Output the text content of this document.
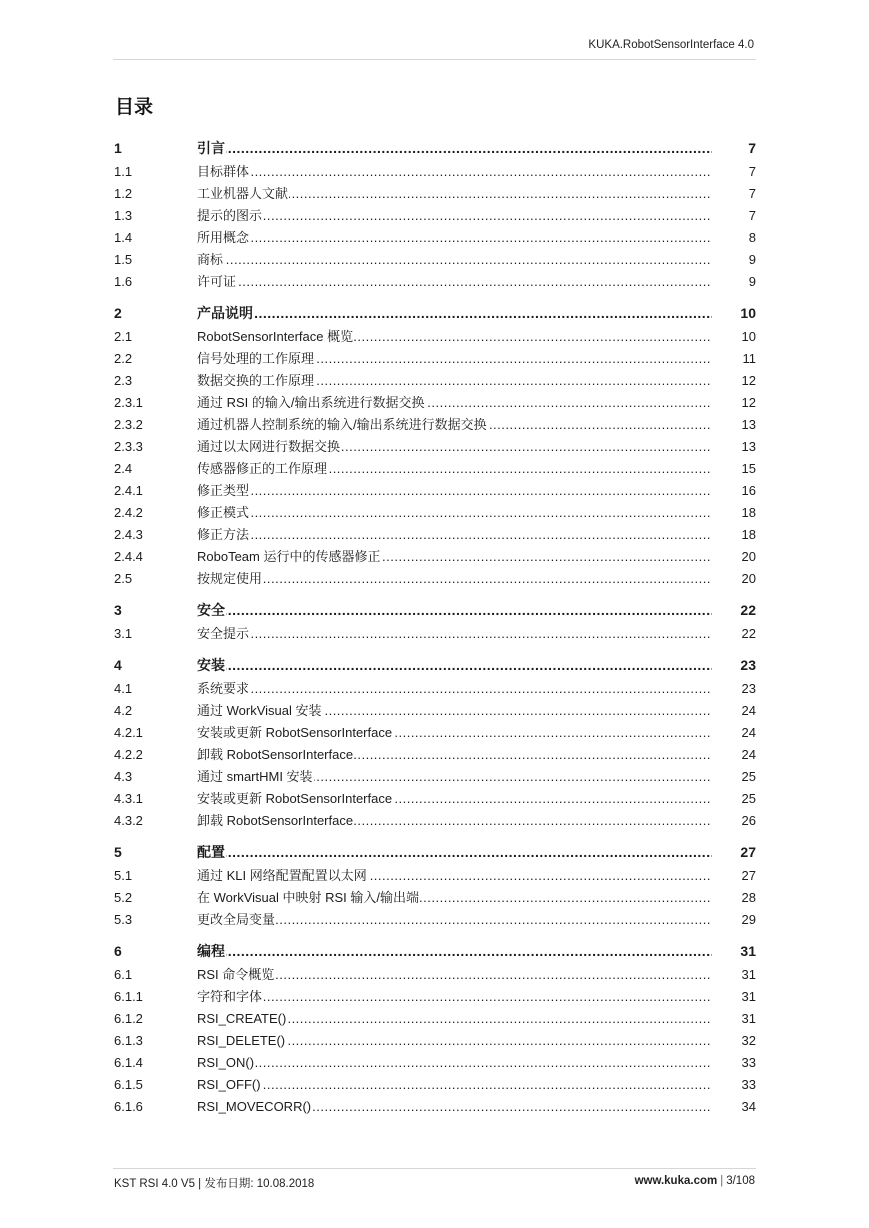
KUKA.RobotSensorInterface 4.0
目录
1	引言 .....	7
1.1	目标群体 .....	7
1.2	工业机器人文献 .....	7
1.3	提示的图示 .....	7
1.4	所用概念 .....	8
1.5	商标 .....	9
1.6	许可证 .....	9
2	产品说明 .....	10
2.1	RobotSensorInterface 概览 .....	10
2.2	信号处理的工作原理 .....	11
2.3	数据交换的工作原理 .....	12
2.3.1	通过 RSI 的输入/输出系统进行数据交换 .....	12
2.3.2	通过机器人控制系统的输入/输出系统进行数据交换 .....	13
2.3.3	通过以太网进行数据交换 .....	13
2.4	传感器修正的工作原理 .....	15
2.4.1	修正类型 .....	16
2.4.2	修正模式 .....	18
2.4.3	修正方法 .....	18
2.4.4	RoboTeam 运行中的传感器修正 .....	20
2.5	按规定使用 .....	20
3	安全 .....	22
3.1	安全提示 .....	22
4	安装 .....	23
4.1	系统要求 .....	23
4.2	通过 WorkVisual 安装 .....	24
4.2.1	安装或更新 RobotSensorInterface .....	24
4.2.2	卸载 RobotSensorInterface .....	24
4.3	通过 smartHMI 安装 .....	25
4.3.1	安装或更新 RobotSensorInterface .....	25
4.3.2	卸载 RobotSensorInterface .....	26
5	配置 .....	27
5.1	通过 KLI 网络配置配置以太网 .....	27
5.2	在 WorkVisual 中映射 RSI 输入/输出端 .....	28
5.3	更改全局变量 .....	29
6	编程 .....	31
6.1	RSI 命令概览 .....	31
6.1.1	字符和字体 .....	31
6.1.2	RSI_CREATE() .....	31
6.1.3	RSI_DELETE() .....	32
6.1.4	RSI_ON() .....	33
6.1.5	RSI_OFF() .....	33
6.1.6	RSI_MOVECORR() .....	34
KST RSI 4.0 V5 | 发布日期: 10.08.2018	www.kuka.com | 3/108
